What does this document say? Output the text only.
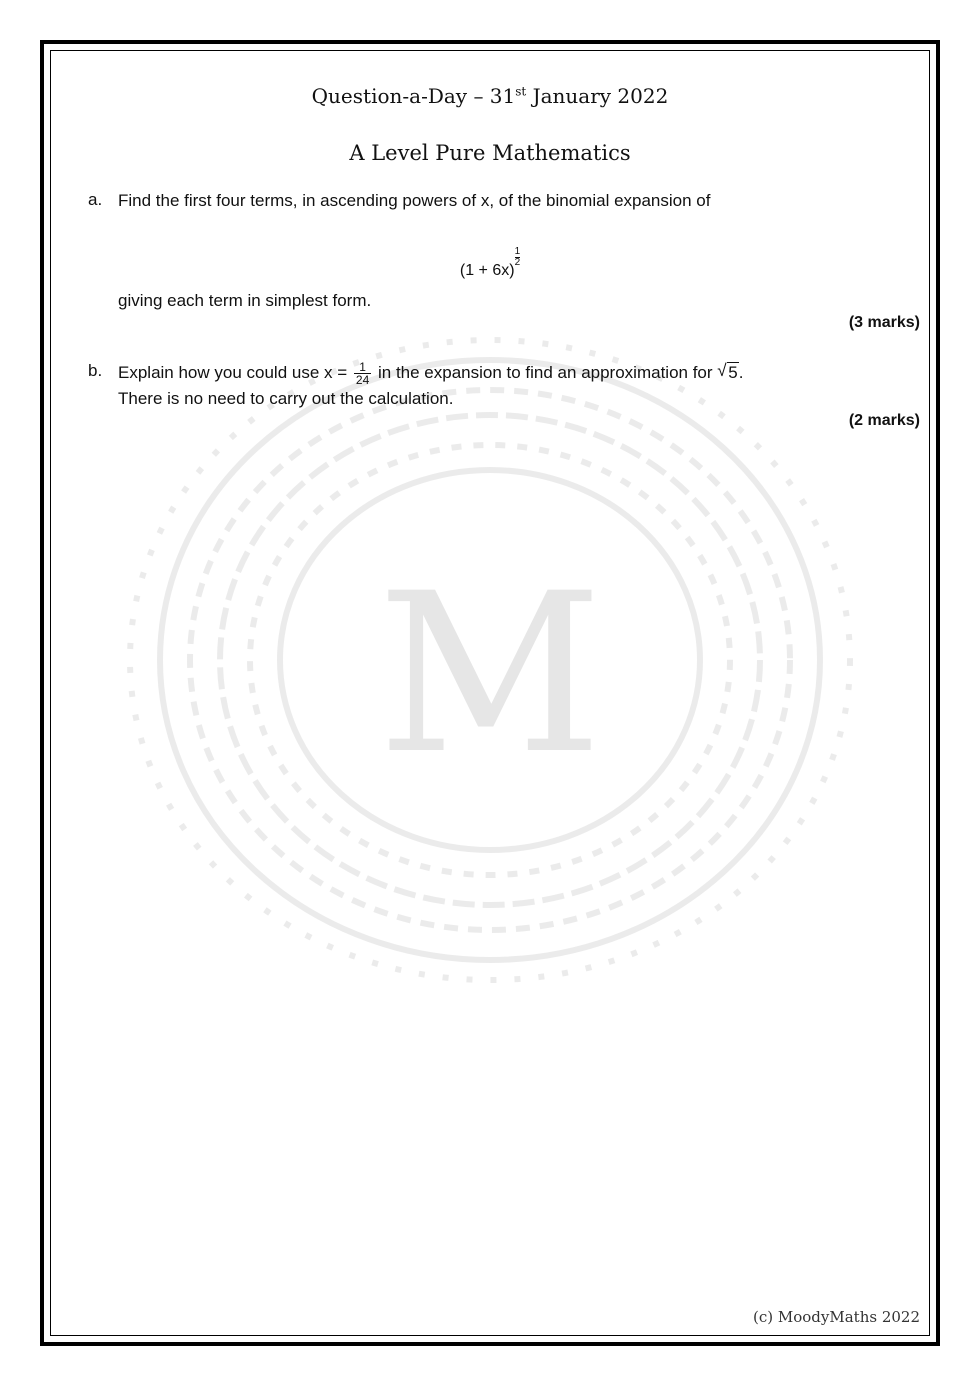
M
Question-a-Day – 31st January 2022
A Level Pure Mathematics
a. Find the first four terms, in ascending powers of x, of the binomial expansion of
(1 + 6x)
$\frac{1}{2}$
giving each term in simplest form.
(3 marks)
b. Explain how you could use $x = \frac{1}{24}$ in the expansion to find an approximation for √ 5.
There is no need to carry out the calculation.
(2 marks)
(c) MoodyMaths 2022
